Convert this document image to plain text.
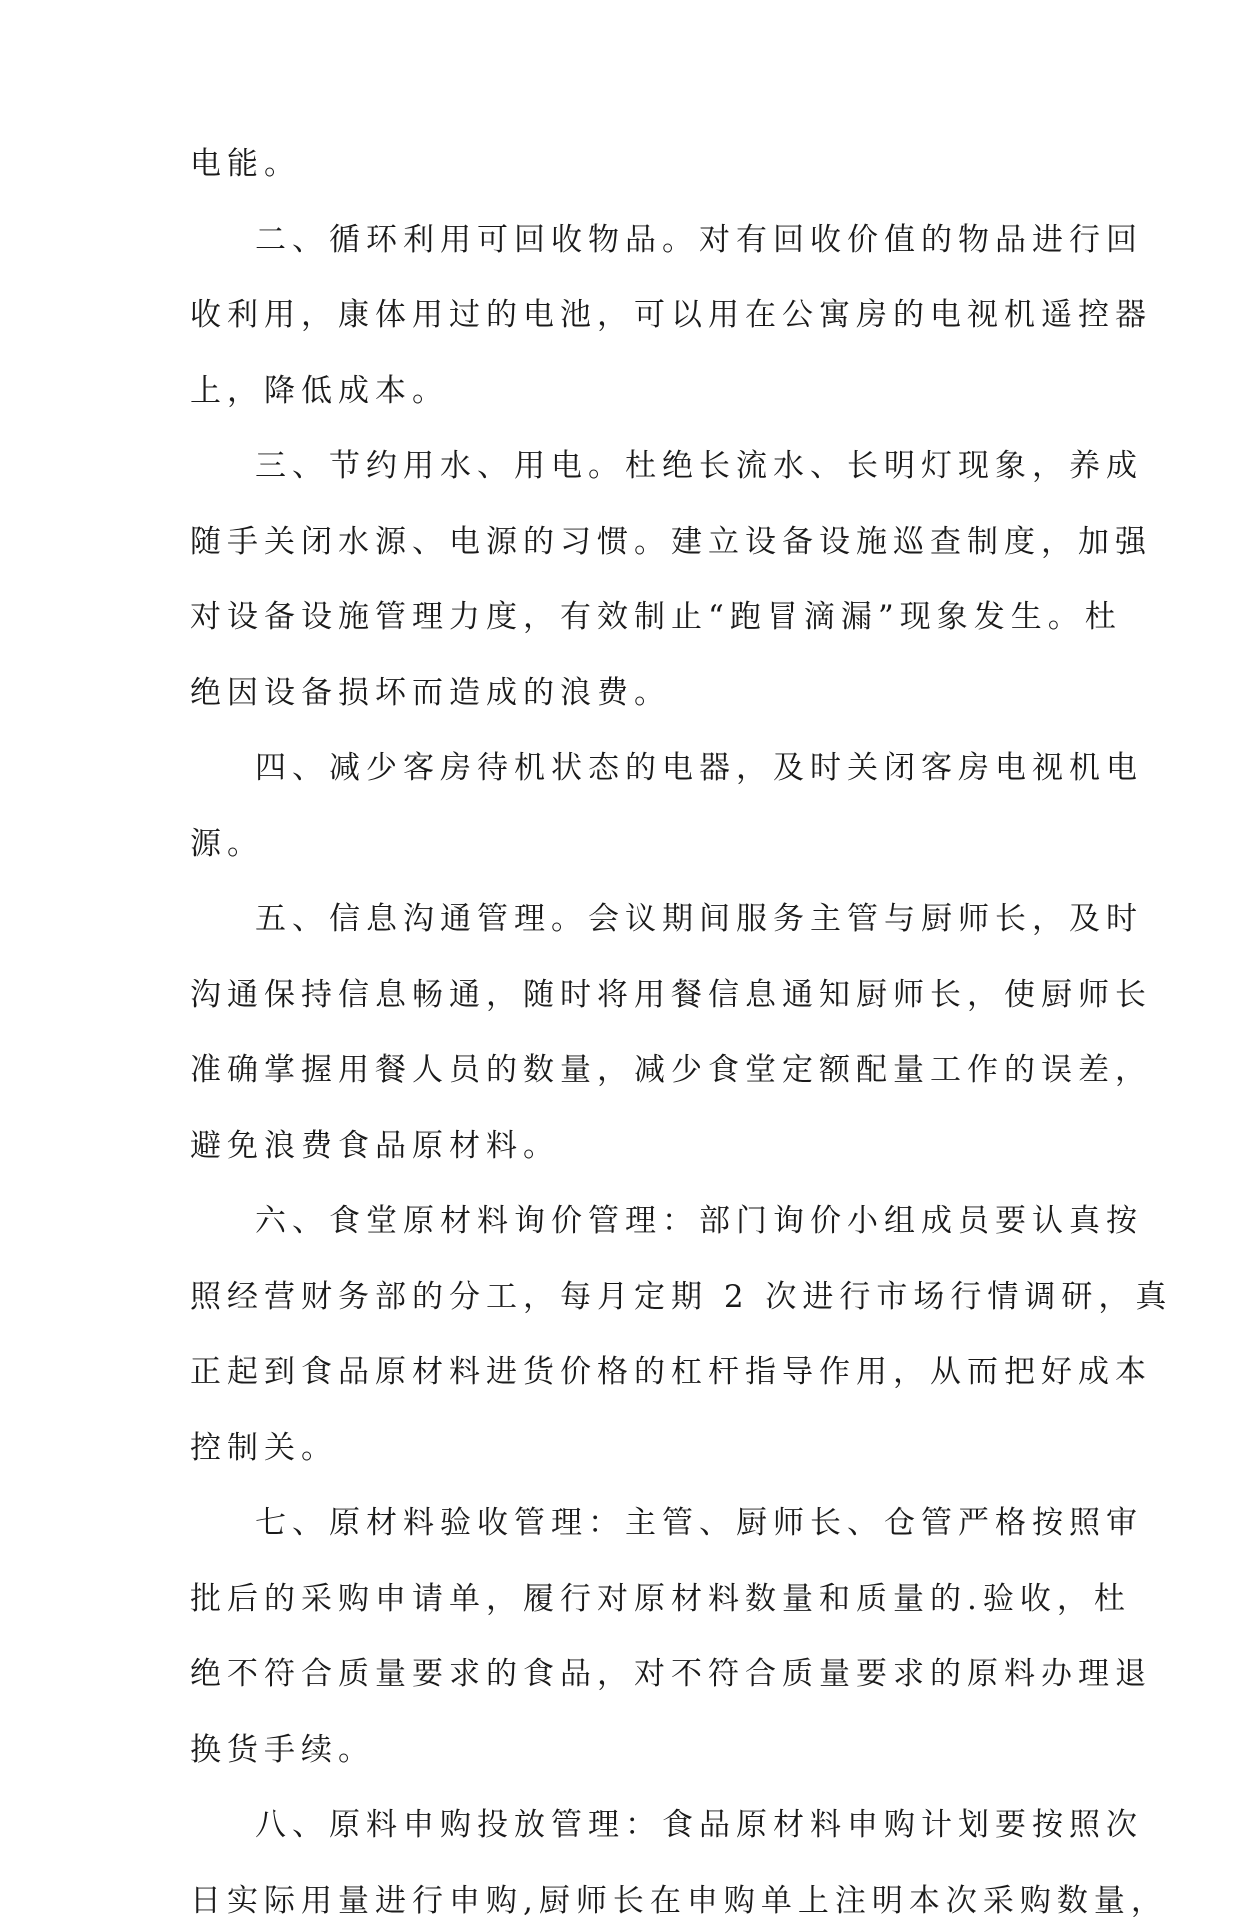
电能。
二、循环利用可回收物品。对有回收价值的物品进行回
收利用，康体用过的电池，可以用在公寓房的电视机遥控器
上，降低成本。
三、节约用水、用电。杜绝长流水、长明灯现象，养成
随手关闭水源、电源的习惯。建立设备设施巡查制度，加强
对设备设施管理力度，有效制止“跑冒滴漏”现象发生。杜
绝因设备损坏而造成的浪费。
四、减少客房待机状态的电器，及时关闭客房电视机电
源。
五、信息沟通管理。会议期间服务主管与厨师长，及时
沟通保持信息畅通，随时将用餐信息通知厨师长，使厨师长
准确掌握用餐人员的数量，减少食堂定额配量工作的误差，
避免浪费食品原材料。
六、食堂原材料询价管理：部门询价小组成员要认真按
照经营财务部的分工，每月定期 2 次进行市场行情调研，真
正起到食品原材料进货价格的杠杆指导作用，从而把好成本
控制关。
七、原材料验收管理：主管、厨师长、仓管严格按照审
批后的采购申请单，履行对原材料数量和质量的.验收，杜
绝不符合质量要求的食品，对不符合质量要求的原料办理退
换货手续。
八、原料申购投放管理：食品原材料申购计划要按照次
日实际用量进行申购,厨师长在申购单上注明本次采购数量，
